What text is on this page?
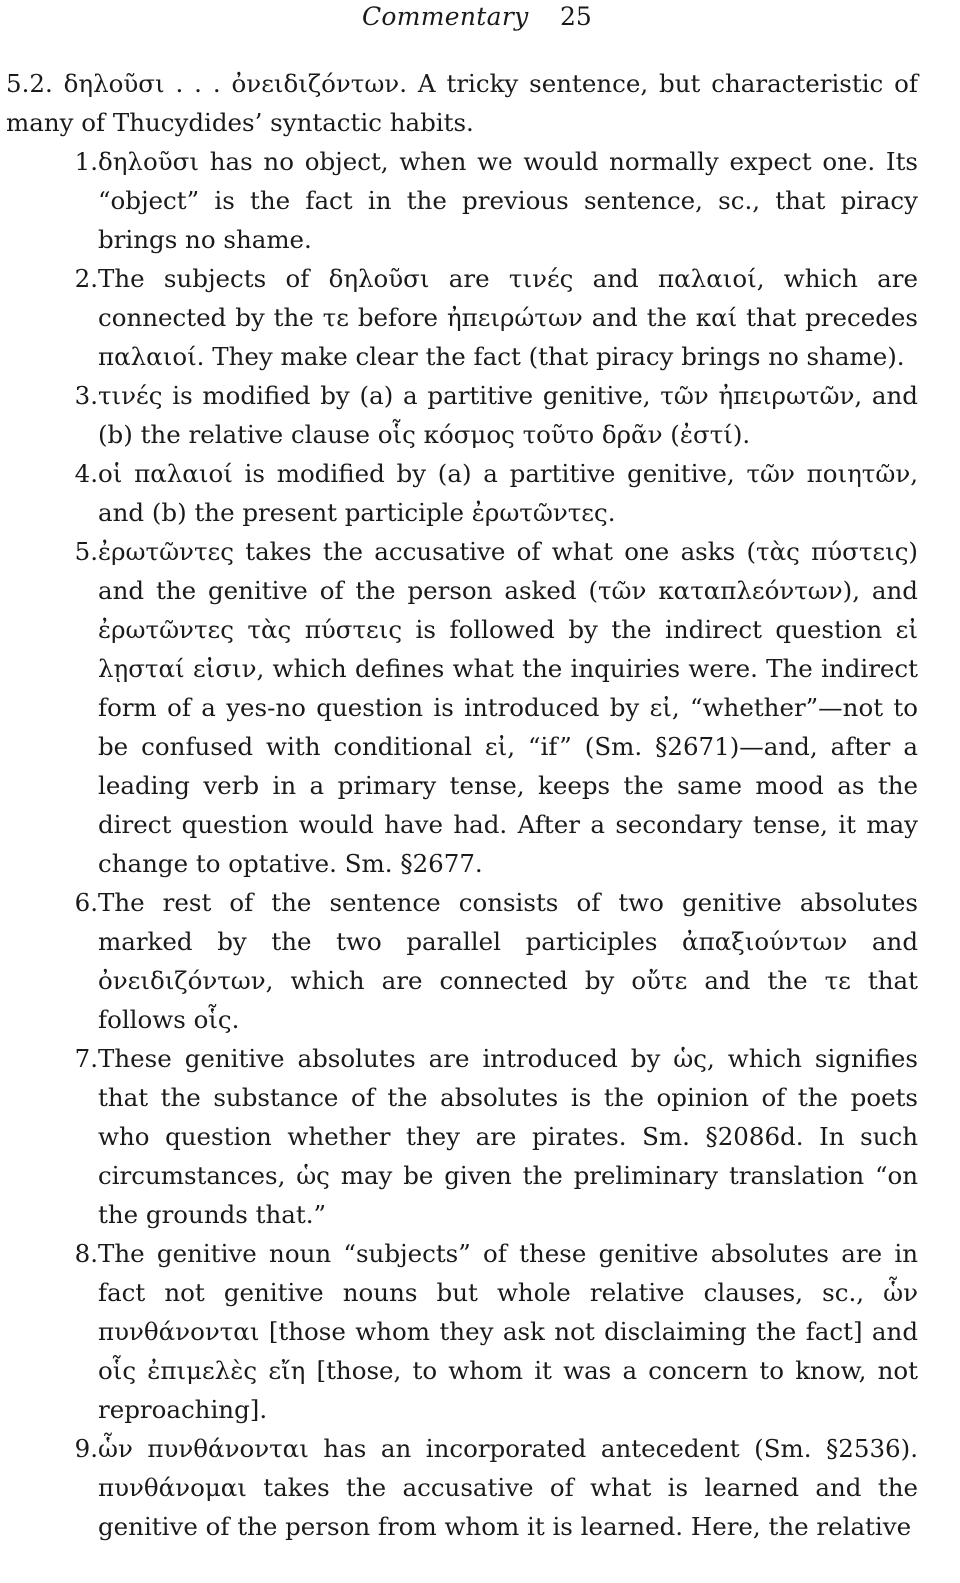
Commentary 25

5.2. δηλοῦσι . . . ὀνειδιζόντων. A tricky sentence, but characteristic of many of Thucydides’ syntactic habits.

1. δηλοῦσι has no object, when we would normally expect one. Its “object” is the fact in the previous sentence, sc., that piracy brings no shame.
2. The subjects of δηλοῦσι are τινές and παλαιοί, which are connected by the τε before ἠπειρώτων and the καί that precedes παλαιοί. They make clear the fact (that piracy brings no shame).
3. τινές is modified by (a) a partitive genitive, τῶν ἠπειρωτῶν, and (b) the relative clause οἷς κόσμος τοῦτο δρᾶν (ἐστί).
4. οἱ παλαιοί is modified by (a) a partitive genitive, τῶν ποιητῶν, and (b) the present participle ἐρωτῶντες.
5. ἐρωτῶντες takes the accusative of what one asks (τὰς πύστεις) and the genitive of the person asked (τῶν καταπλεόντων), and ἐρωτῶντες τὰς πύστεις is followed by the indirect question εἰ λῃσταί εἰσιν, which defines what the inquiries were. The indirect form of a yes-no question is introduced by εἰ, “whether”—not to be confused with conditional εἰ, “if” (Sm. §2671)—and, after a leading verb in a primary tense, keeps the same mood as the direct question would have had. After a secondary tense, it may change to optative. Sm. §2677.
6. The rest of the sentence consists of two genitive absolutes marked by the two parallel participles ἀπαξιούντων and ὀνειδιζόντων, which are connected by οὔτε and the τε that follows οἷς.
7. These genitive absolutes are introduced by ὡς, which signifies that the substance of the absolutes is the opinion of the poets who question whether they are pirates. Sm. §2086d. In such circumstances, ὡς may be given the preliminary translation “on the grounds that.”
8. The genitive noun “subjects” of these genitive absolutes are in fact not genitive nouns but whole relative clauses, sc., ὧν πυνθάνονται [those whom they ask not disclaiming the fact] and οἷς ἐπιμελὲς εἴη [those, to whom it was a concern to know, not reproaching].
9. ὧν πυνθάνονται has an incorporated antecedent (Sm. §2536). πυνθάνομαι takes the accusative of what is learned and the genitive of the person from whom it is learned. Here, the relative
